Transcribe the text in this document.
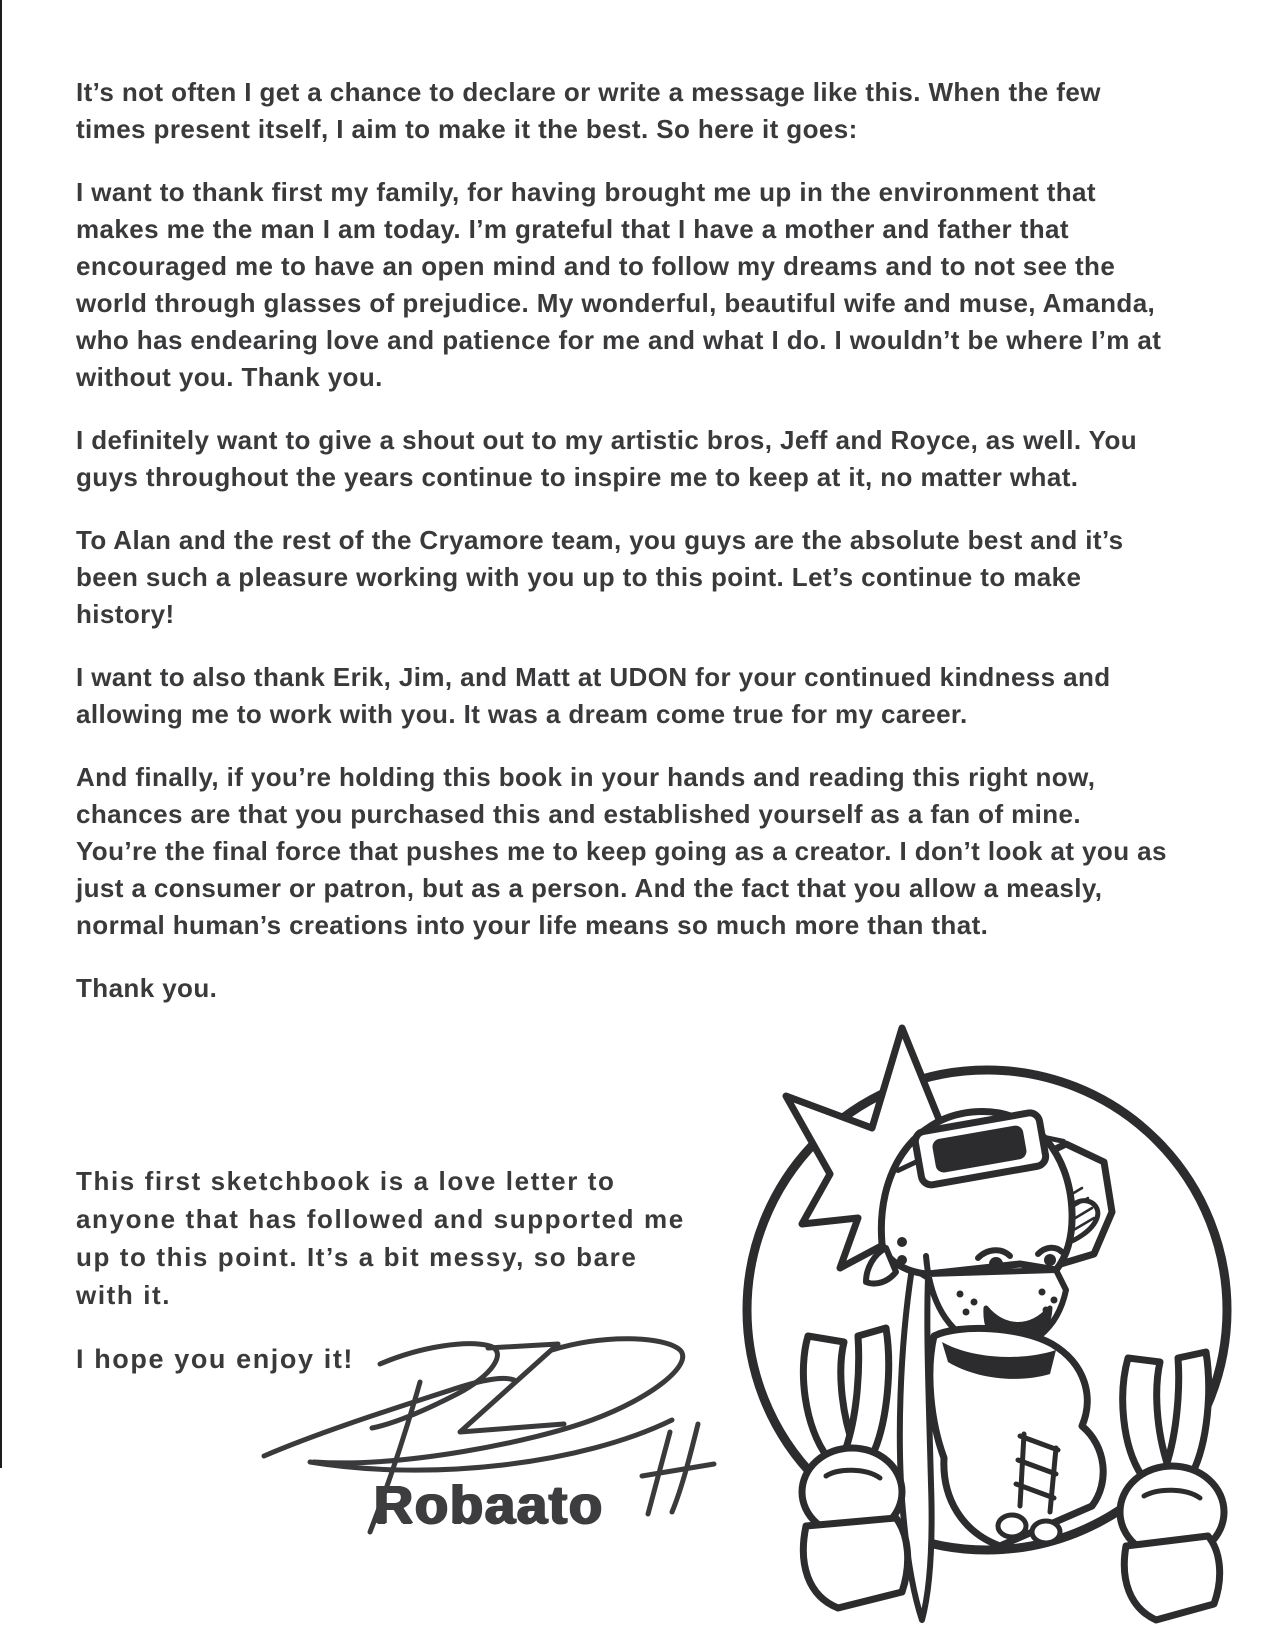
It’s not often I get a chance to declare or write a message like this. When the few times present itself, I aim to make it the best. So here it goes:

I want to thank first my family, for having brought me up in the environment that makes me the man I am today. I’m grateful that I have a mother and father that encouraged me to have an open mind and to follow my dreams and to not see the world through glasses of prejudice. My wonderful, beautiful wife and muse, Amanda, who has endearing love and patience for me and what I do. I wouldn’t be where I’m at without you. Thank you.

I definitely want to give a shout out to my artistic bros, Jeff and Royce, as well. You guys throughout the years continue to inspire me to keep at it, no matter what.

To Alan and the rest of the Cryamore team, you guys are the absolute best and it’s been such a pleasure working with you up to this point. Let’s continue to make history!

I want to also thank Erik, Jim, and Matt at UDON for your continued kindness and allowing me to work with you. It was a dream come true for my career.

And finally, if you’re holding this book in your hands and reading this right now, chances are that you purchased this and established yourself as a fan of mine. You’re the final force that pushes me to keep going as a creator. I don’t look at you as just a consumer or patron, but as a person. And the fact that you allow a measly, normal human’s creations into your life means so much more than that.

Thank you.

This first sketchbook is a love letter to anyone that has followed and supported me up to this point. It’s a bit messy, so bare with it.
I hope you enjoy it!
Robaato
